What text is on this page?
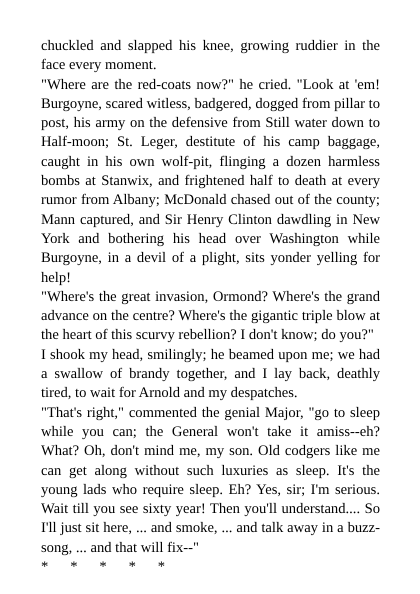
chuckled and slapped his knee, growing ruddier in the face every moment.

"Where are the red-coats now?" he cried. "Look at 'em! Burgoyne, scared witless, badgered, dogged from pillar to post, his army on the defensive from Still water down to Half-moon; St. Leger, destitute of his camp baggage, caught in his own wolf-pit, flinging a dozen harmless bombs at Stanwix, and frightened half to death at every rumor from Albany; McDonald chased out of the county; Mann captured, and Sir Henry Clinton dawdling in New York and bothering his head over Washington while Burgoyne, in a devil of a plight, sits yonder yelling for help!

"Where's the great invasion, Ormond? Where's the grand advance on the centre? Where's the gigantic triple blow at the heart of this scurvy rebellion? I don't know; do you?"

I shook my head, smilingly; he beamed upon me; we had a swallow of brandy together, and I lay back, deathly tired, to wait for Arnold and my despatches.

"That's right," commented the genial Major, "go to sleep while you can; the General won't take it amiss--eh? What? Oh, don't mind me, my son. Old codgers like me can get along without such luxuries as sleep. It's the young lads who require sleep. Eh? Yes, sir; I'm serious. Wait till you see sixty year! Then you'll understand.... So I'll just sit here, ... and smoke, ... and talk away in a buzz-song, ... and that will fix--"

*      *      *      *      *
